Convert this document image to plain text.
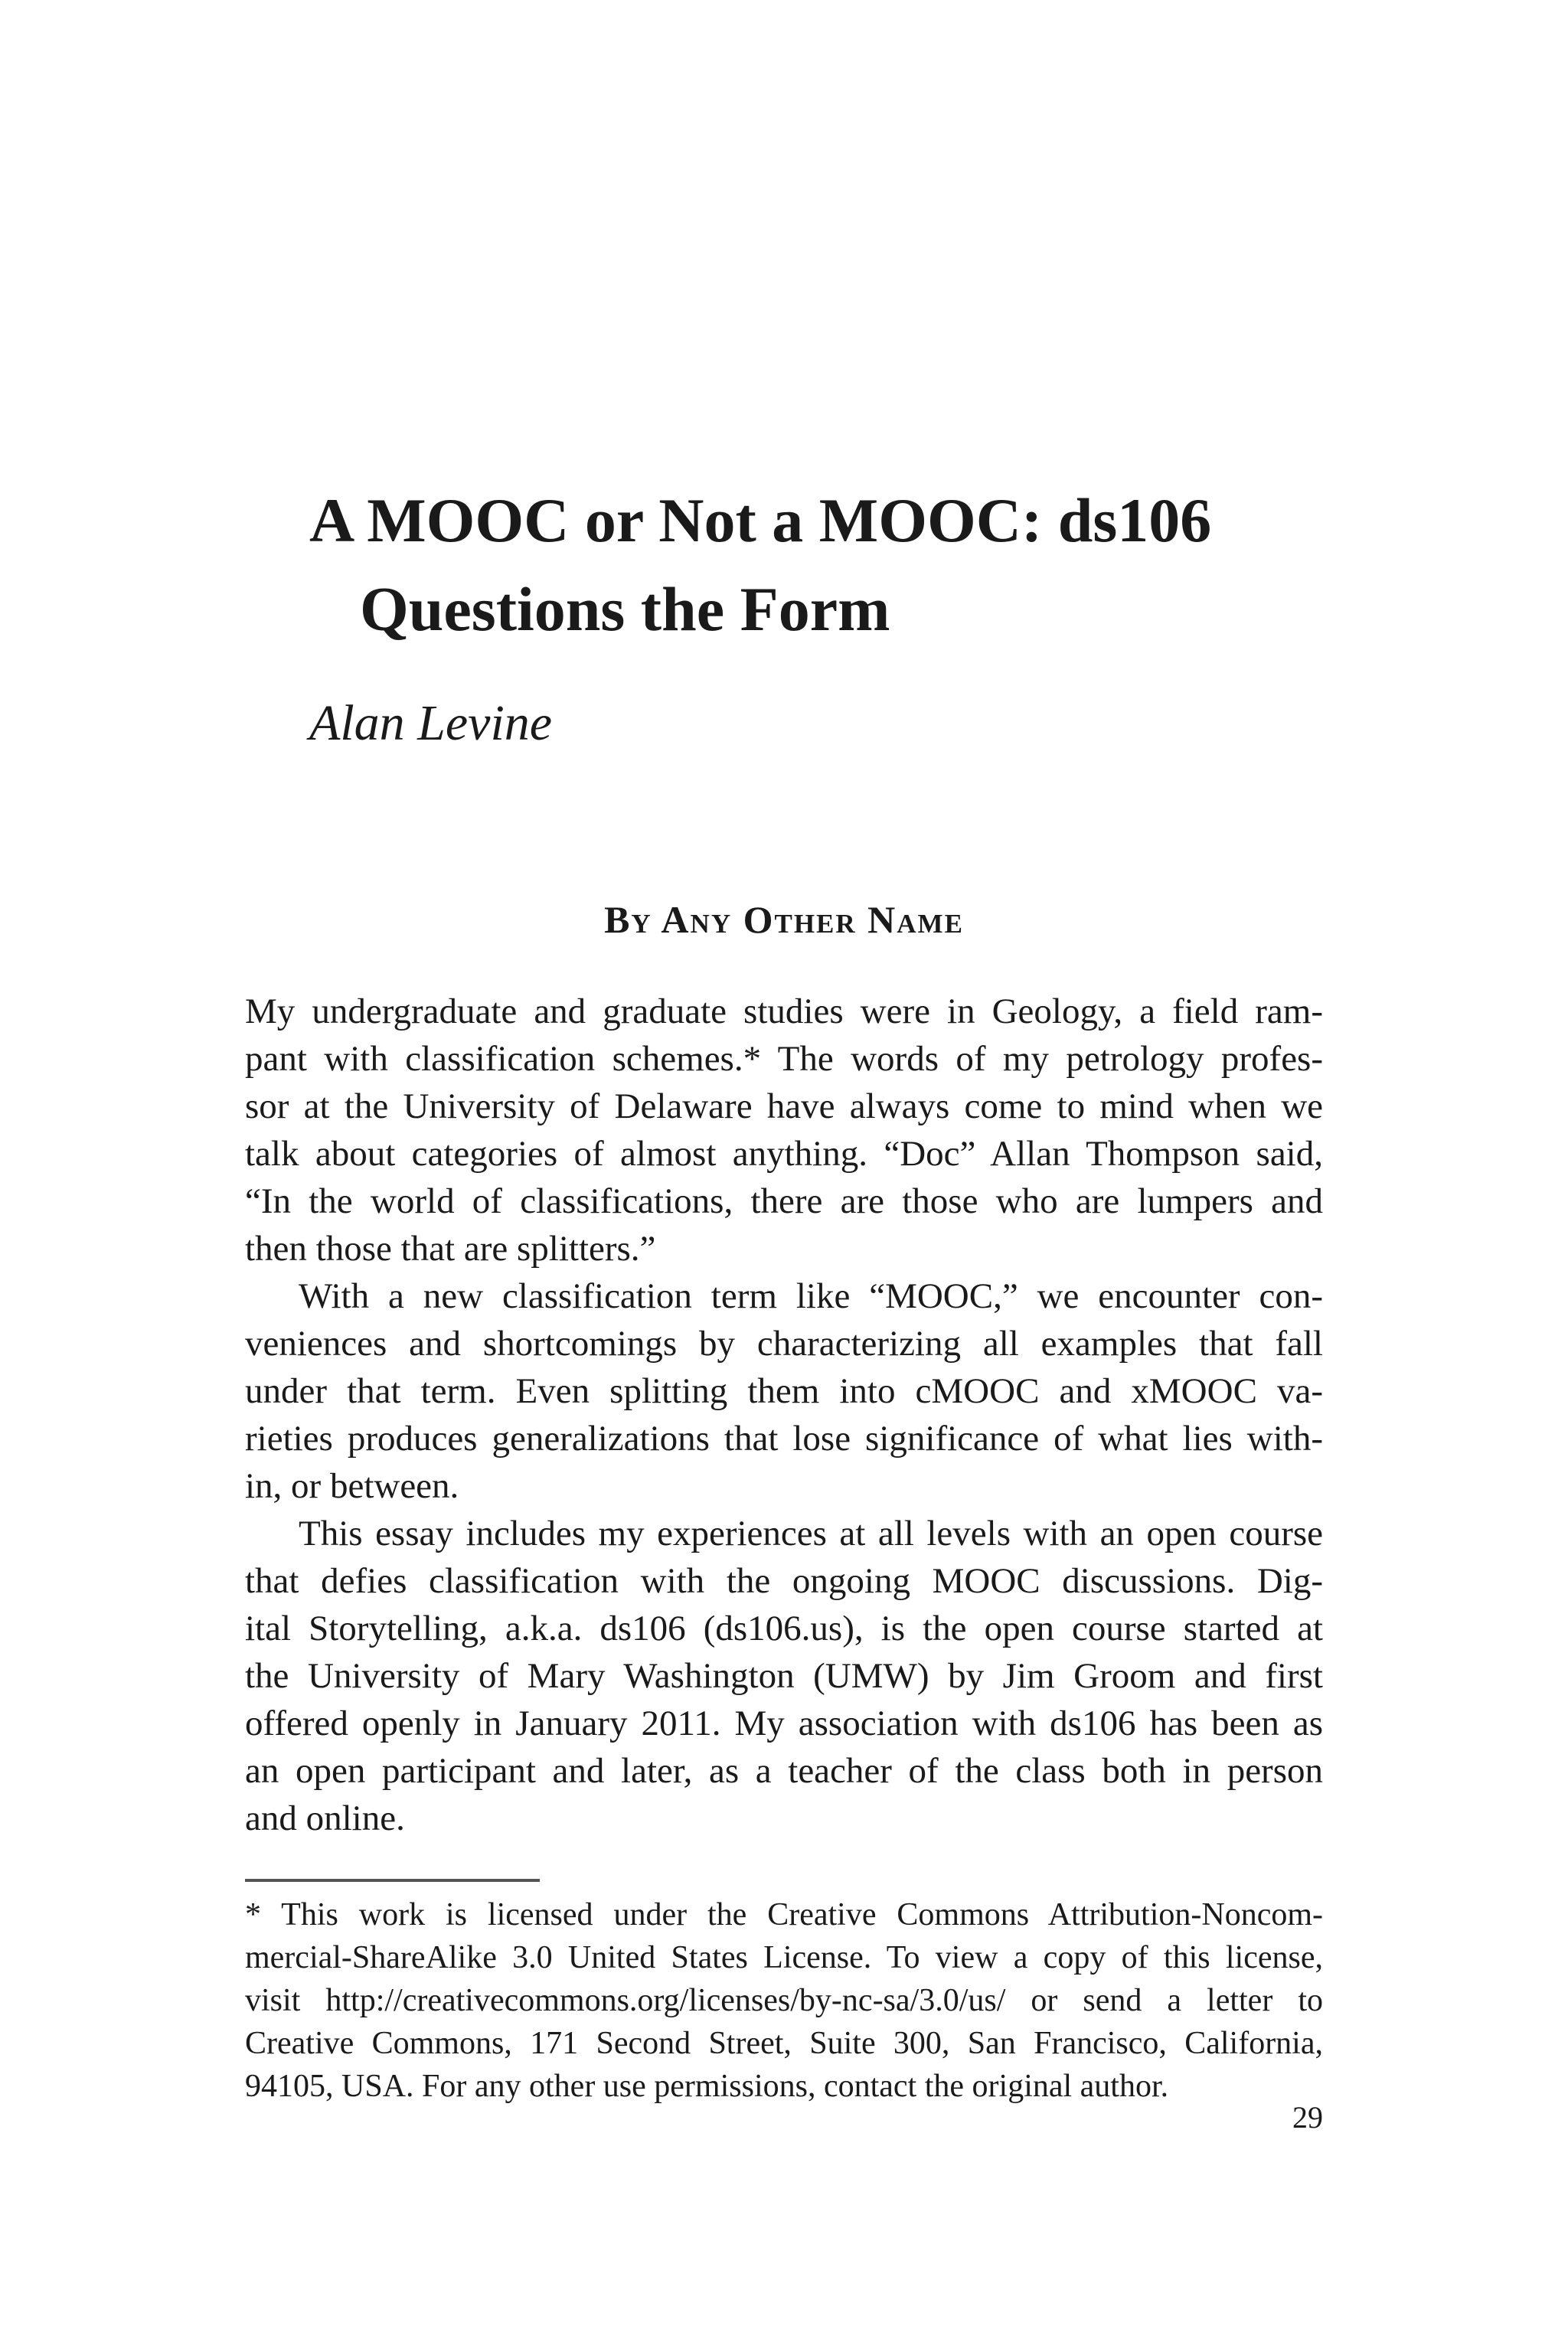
A MOOC or Not a MOOC: ds106
Questions the Form
Alan Levine
By Any Other Name
My undergraduate and graduate studies were in Geology, a field ram-
pant with classification schemes.* The words of my petrology profes-
sor at the University of Delaware have always come to mind when we
talk about categories of almost anything. “Doc” Allan Thompson said,
“In the world of classifications, there are those who are lumpers and
then those that are splitters.”
With a new classification term like “MOOC,” we encounter con-
veniences and shortcomings by characterizing all examples that fall
under that term. Even splitting them into cMOOC and xMOOC va-
rieties produces generalizations that lose significance of what lies with-
in, or between.
This essay includes my experiences at all levels with an open course
that defies classification with the ongoing MOOC discussions. Dig-
ital Storytelling, a.k.a. ds106 (ds106.us), is the open course started at
the University of Mary Washington (UMW) by Jim Groom and first
offered openly in January 2011. My association with ds106 has been as
an open participant and later, as a teacher of the class both in person
and online.
* This work is licensed under the Creative Commons Attribution-Noncom-
mercial-ShareAlike 3.0 United States License. To view a copy of this license,
visit http://creativecommons.org/licenses/by-nc-sa/3.0/us/ or send a letter to
Creative Commons, 171 Second Street, Suite 300, San Francisco, California,
94105, USA. For any other use permissions, contact the original author.
29
